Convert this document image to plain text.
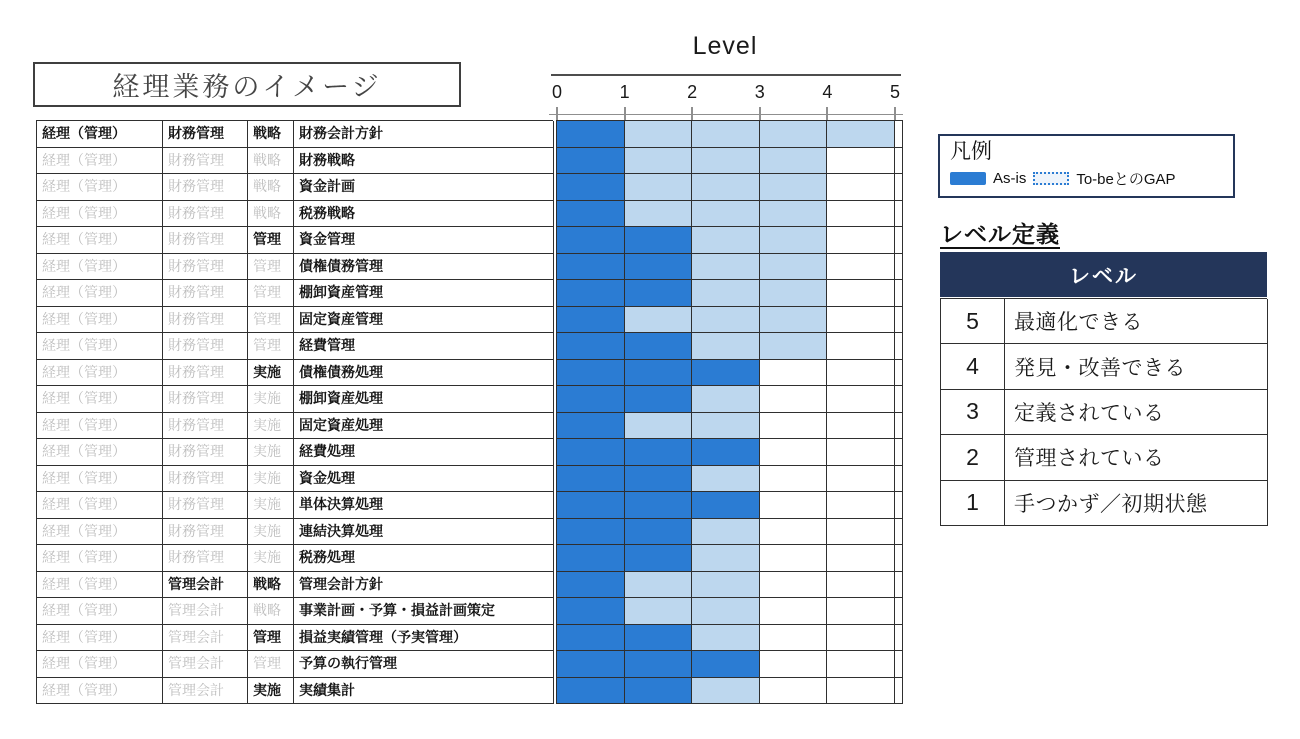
経理業務のイメージ
Level
0	1	2	3	4	5
経理（管理）	財務管理	戦略	財務会計方針
経理（管理）	財務管理	戦略	財務戦略
経理（管理）	財務管理	戦略	資金計画
経理（管理）	財務管理	戦略	税務戦略
経理（管理）	財務管理	管理	資金管理
経理（管理）	財務管理	管理	債権債務管理
経理（管理）	財務管理	管理	棚卸資産管理
経理（管理）	財務管理	管理	固定資産管理
経理（管理）	財務管理	管理	経費管理
経理（管理）	財務管理	実施	債権債務処理
経理（管理）	財務管理	実施	棚卸資産処理
経理（管理）	財務管理	実施	固定資産処理
経理（管理）	財務管理	実施	経費処理
経理（管理）	財務管理	実施	資金処理
経理（管理）	財務管理	実施	単体決算処理
経理（管理）	財務管理	実施	連結決算処理
経理（管理）	財務管理	実施	税務処理
経理（管理）	管理会計	戦略	管理会計方針
経理（管理）	管理会計	戦略	事業計画・予算・損益計画策定
経理（管理）	管理会計	管理	損益実績管理（予実管理）
経理（管理）	管理会計	管理	予算の執行管理
経理（管理）	管理会計	実施	実績集計
凡例
As-is	To-beとのGAP
レベル定義
レベル
5	最適化できる
4	発見・改善できる
3	定義されている
2	管理されている
1	手つかず／初期状態
